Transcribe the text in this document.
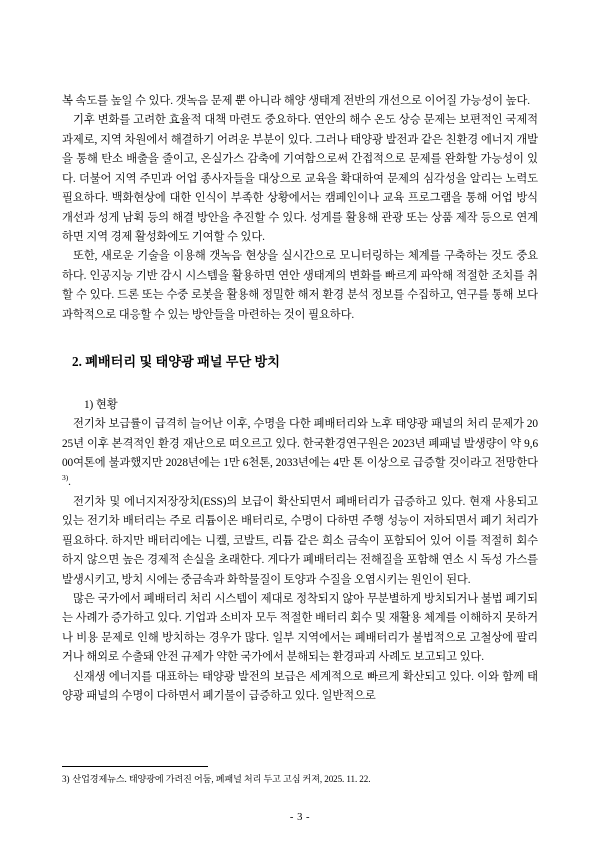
복 속도를 높일 수 있다. 갯녹음 문제 뿐 아니라 해양 생태계 전반의 개선으로 이어질 가능성이 높다.

기후 변화를 고려한 효율적 대책 마련도 중요하다. 연안의 해수 온도 상승 문제는 보편적인 국제적 과제로, 지역 차원에서 해결하기 어려운 부분이 있다. 그러나 태양광 발전과 같은 친환경 에너지 개발을 통해 탄소 배출을 줄이고, 온실가스 감축에 기여함으로써 간접적으로 문제를 완화할 가능성이 있다. 더불어 지역 주민과 어업 종사자들을 대상으로 교육을 확대하여 문제의 심각성을 알리는 노력도 필요하다. 백화현상에 대한 인식이 부족한 상황에서는 캠페인이나 교육 프로그램을 통해 어업 방식 개선과 성게 남획 등의 해결 방안을 추진할 수 있다. 성게를 활용해 관광 또는 상품 제작 등으로 연계하면 지역 경제 활성화에도 기여할 수 있다.

또한, 새로운 기술을 이용해 갯녹음 현상을 실시간으로 모니터링하는 체계를 구축하는 것도 중요하다. 인공지능 기반 감시 시스템을 활용하면 연안 생태계의 변화를 빠르게 파악해 적절한 조치를 취할 수 있다. 드론 또는 수중 로봇을 활용해 정밀한 해저 환경 분석 정보를 수집하고, 연구를 통해 보다 과학적으로 대응할 수 있는 방안들을 마련하는 것이 필요하다.

2. 폐배터리 및 태양광 패널 무단 방치
1) 현황

전기차 보급률이 급격히 늘어난 이후, 수명을 다한 폐배터리와 노후 태양광 패널의 처리 문제가 2025년 이후 본격적인 환경 재난으로 떠오르고 있다. 한국환경연구원은 2023년 폐패널 발생량이 약 9,600여톤에 불과했지만 2028년에는 1만 6천톤, 2033년에는 4만 톤 이상으로 급증할 것이라고 전망한다$^{3)}$.

전기차 및 에너지저장장치(ESS)의 보급이 확산되면서 폐배터리가 급증하고 있다. 현재 사용되고 있는 전기차 배터리는 주로 리튬이온 배터리로, 수명이 다하면 주행 성능이 저하되면서 폐기 처리가 필요하다. 하지만 배터리에는 니켈, 코발트, 리튬 같은 희소 금속이 포함되어 있어 이를 적절히 회수하지 않으면 높은 경제적 손실을 초래한다. 게다가 폐배터리는 전해질을 포함해 연소 시 독성 가스를 발생시키고, 방치 시에는 중금속과 화학물질이 토양과 수질을 오염시키는 원인이 된다.

많은 국가에서 폐배터리 처리 시스템이 제대로 정착되지 않아 무분별하게 방치되거나 불법 폐기되는 사례가 증가하고 있다. 기업과 소비자 모두 적절한 배터리 회수 및 재활용 체계를 이해하지 못하거나 비용 문제로 인해 방치하는 경우가 많다. 일부 지역에서는 폐배터리가 불법적으로 고철상에 팔리거나 해외로 수출돼 안전 규제가 약한 국가에서 분해되는 환경파괴 사례도 보고되고 있다.

신재생 에너지를 대표하는 태양광 발전의 보급은 세계적으로 빠르게 확산되고 있다. 이와 함께 태양광 패널의 수명이 다하면서 폐기물이 급증하고 있다. 일반적으로

3) 산업경제뉴스. 태양광에 가려진 어둠, 폐패널 처리 두고 고심 커져, 2025. 11. 22.
- 3 -
